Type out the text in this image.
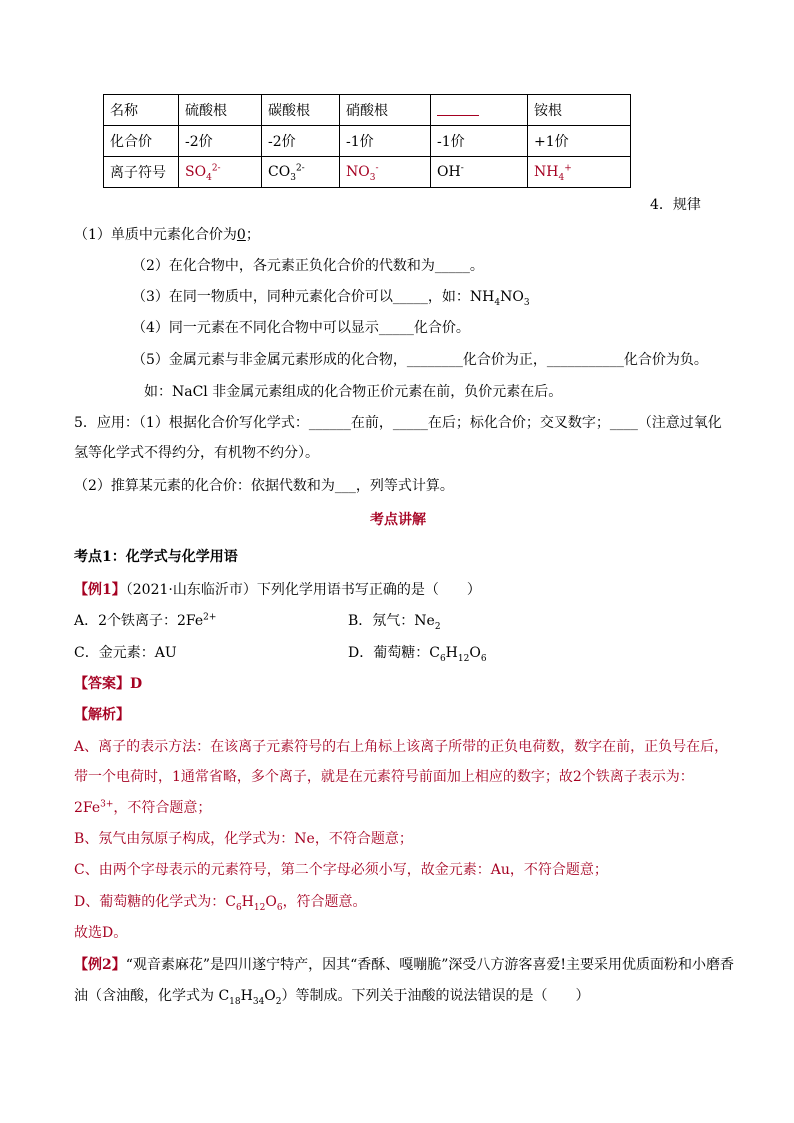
名称	硫酸根	碳酸根	硝酸根		铵根
化合价	-2价	-2价	-1价	-1价	+1价
离子符号	$SO_4^{2-}$	$CO_3^{2-}$	$NO_3^-$	OH-	$NH_4^+$
4．规律
（1）单质中元素化合价为0；
（2）在化合物中，各元素正负化合价的代数和为_____。
（3）在同一物质中，同种元素化合价可以_____，如：$NH_4NO_3$
（4）同一元素在不同化合物中可以显示_____化合价。
（5）金属元素与非金属元素形成的化合物，________化合价为正，___________化合价为负。
如：NaCl 非金属元素组成的化合物正价元素在前，负价元素在后。
5．应用：（1）根据化合价写化学式：______在前，_____在后；标化合价；交叉数字；____（注意过氧化
氢等化学式不得约分，有机物不约分）。
（2）推算某元素的化合价：依据代数和为___，列等式计算。
考点讲解
考点1：化学式与化学用语
【例1】（2021·山东临沂市）下列化学用语书写正确的是（　　）
A．2个铁离子：$2Fe^{2+}$	B．氖气：$Ne_2$
C．金元素：AU	D．葡萄糖：$C_6H_{12}O_6$
【答案】D
【解析】
A、离子的表示方法：在该离子元素符号的右上角标上该离子所带的正负电荷数，数字在前，正负号在后，
带一个电荷时，1通常省略，多个离子，就是在元素符号前面加上相应的数字；故2个铁离子表示为：
$2Fe^{3+}$，不符合题意；
B、氖气由氖原子构成，化学式为：Ne，不符合题意；
C、由两个字母表示的元素符号，第二个字母必须小写，故金元素：Au，不符合题意；
D、葡萄糖的化学式为：$C_6H_{12}O_6$，符合题意。
故选D。
【例2】“观音素麻花”是四川遂宁特产，因其“香酥、嘎嘣脆”深受八方游客喜爱!主要采用优质面粉和小磨香
油（含油酸，化学式为 $C_{18}H_{34}O_2$）等制成。下列关于油酸的说法错误的是（　　）
